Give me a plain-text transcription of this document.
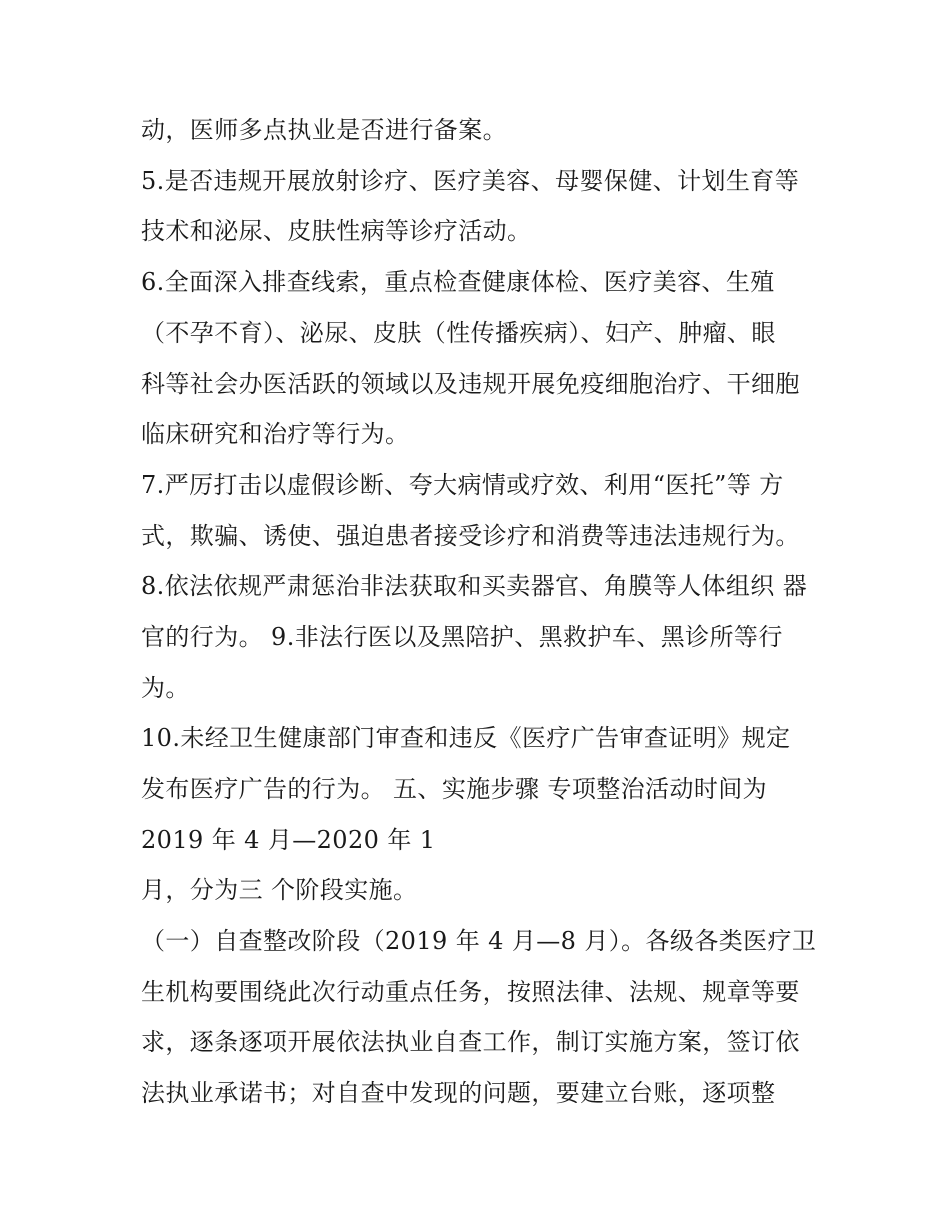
动，医师多点执业是否进行备案。

5.是否违规开展放射诊疗、医疗美容、母婴保健、计划生育等

技术和泌尿、皮肤性病等诊疗活动。

6.全面深入排查线索，重点检查健康体检、医疗美容、生殖

（不孕不育）、泌尿、皮肤（性传播疾病）、妇产、肿瘤、眼

科等社会办医活跃的领域以及违规开展免疫细胞治疗、干细胞

临床研究和治疗等行为。

7.严厉打击以虚假诊断、夸大病情或疗效、利用“医托”等 方

式，欺骗、诱使、强迫患者接受诊疗和消费等违法违规行为。

8.依法依规严肃惩治非法获取和买卖器官、角膜等人体组织 器

官的行为。 9.非法行医以及黑陪护、黑救护车、黑诊所等行

为。

10.未经卫生健康部门审查和违反《医疗广告审查证明》规定

发布医疗广告的行为。 五、实施步骤 专项整治活动时间为

2019 年 4 月—2020 年 1

月，分为三 个阶段实施。

（一）自查整改阶段（2019 年 4 月—8 月）。各级各类医疗卫

生机构要围绕此次行动重点任务，按照法律、法规、规章等要

求，逐条逐项开展依法执业自查工作，制订实施方案，签订依

法执业承诺书；对自查中发现的问题，要建立台账，逐项整
